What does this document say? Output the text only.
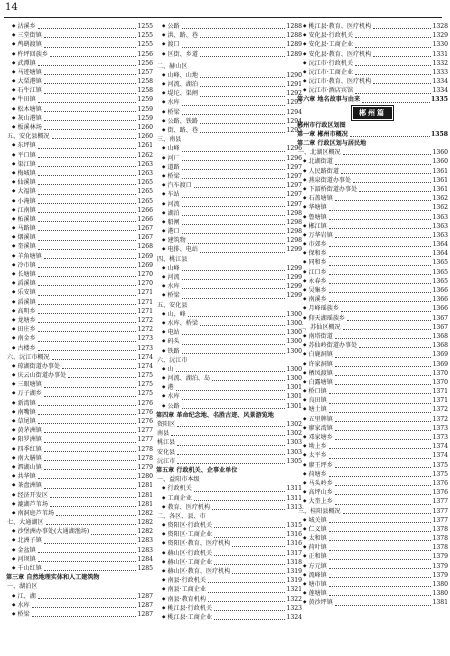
14
◆ 沾溪乡	1255
◆ 三堂街镇	1255
◆ 鸬鹚渡镇	1255
◆ 杵坪回族乡	1256
◆ 武潭镇	1256
◆ 马迹塘镇	1257
◆ 大栗港镇	1258
◆ 石牛江镇	1258
◆ 牛田镇	1259
◆ 松木塘镇	1259
◆ 灰山港镇	1259
◆ 板溪林场	1260
五、安化县概况	1260
◆ 东坪镇	1261
◆ 平口镇	1262
◆ 渠江镇	1263
◆ 梅城镇	1263
◆ 仙溪镇	1265
◆ 大福镇	1265
◆ 小淹镇	1265
◆ 江南镇	1266
◆ 柘溪镇	1266
◆ 马路镇	1267
◆ 烟溪镇	1267
◆ 奎溪镇	1268
◆ 羊角塘镇	1269
◆ 冷市镇	1269
◆ 长塘镇	1270
◆ 滔溪镇	1270
◆ 乐安镇	1271
◆ 滔溪镇	1271
◆ 高明乡	1271
◆ 龙塘乡	1272
◆ 田庄乡	1272
◆ 南金乡	1273
◆ 古楼乡	1273
六、沅江市概况	1274
◆ 琼湖街道办事处	1274
◆ 庆云山街道办事处	1275
◆ 三眼塘镇	1275
◆ 万子湖乡	1275
◆ 新湾镇	1276
◆ 南嘴镇	1276
◆ 草尾镇	1276
◆ 黄茅洲镇	1277
◆ 阳罗洲镇	1277
◆ 四季红镇	1278
◆ 南大膳镇	1278
◆ 泗湖山镇	1279
◆ 共华镇	1280
◆ 茶盘洲镇	1281
◆ 经济开发区	1281
◆ 漉湖芦苇场	1281
◆ 南洞庭芦苇场	1282
七、大通湖区	1282
◆ 沙堡洲办事处(大通湖渔场)	1282
◆ 北洲子镇	1283
◆ 金盆镇	1283
◆ 河坝镇	1284
◆ 千山红镇	1285
第三章 自然地理实体和人工建筑物
一、湖泊区
◆ 江、湖	1287
◆ 水库	1287
◆ 桥梁	1287
◆ 公路	1288
◆ 洪、路、巷	1288
◆ 渡口	1289
◆ 区街、乡道	1289
二、赫山区
◆ 山峰、山地	1290
◆ 河流、湖泊	1291
◆ 堤坨、渠闸	1292
◆ 水库	1293
◆ 桥梁	1294
◆ 公路、铁路	1294
◆ 街、路、巷	1295
三、南县
◆ 山峰	1296
◆ 河厂	1296
◆ 道路	1297
◆ 桥梁	1297
◆ 汽车渡口	1297
◆ 车站	1297
◆ 河流	1297
◆ 湖泊	1298
◆ 船闸	1298
◆ 港口	1298
◆ 建筑物	1298
◆ 电排、电站	1299
四、桃江县
◆ 山峰	1299
◆ 河流	1299
◆ 水库	1299
◆ 桥梁	1299
五、安化县
◆ 山、峰	1300
◆ 水库、桥梁	1300
◆ 电站	1300
◆ 码头	1300
◆ 铁路	1300
六、沅江市
◆ 山	1300
◆ 河流、湖泊、岛	1300
◆ 港	1301
◆ 水库	1301
◆ 公路	1301
第四章 革命纪念地、名胜古迹、风景游览地
资阳区	1302
南县	1302
桃江县	1303
安化县	1303
沅江市	1305
第五章 行政机关、企事业单位
一、益阳市本级
◆ 行政机关	1311
◆ 工商企业	1311
◆ 教育、医疗机构	1313
二、各区、县、市
◆ 资阳区·行政机关	1315
◆ 资阳区·工商企业	1316
◆ 资阳区·教育、医疗机构	1316
◆ 赫山区·行政机关	1317
◆ 赫山区·工商企业	1318
◆ 赫山区·教育、医疗机构	1319
◆ 南县·行政机关	1319
◆ 南县·工商企业	1321
◆ 南县·教育机构	1322
◆ 桃江县·行政机关	1323
◆ 桃江县·工商企业	1324
◆ 桃江县·教育、医疗机构	1328
◆ 安化县·行政机关	1329
◆ 安化县·工商企业	1330
◆ 安化县·教育、医疗机构	1331
◆ 沅江市·行政机关	1332
◆ 沅江市·工商企业	1333
◆ 沅江市·教育、医疗机构	1334
◆ 沅江市·酒店宾馆	1334
第六章 地名故事与由来	1335
郴州篇
郴州市行政区划图
第一章 郴州市概况	1358
第二章 行政区划与居民地
一、北湖区概况	1360
◆ 北湖街道	1360
◆ 人民路街道	1361
◆ 燕泉街道办事处	1361
◆ 下湄桥街道办事处	1361
◆ 石盖塘镇	1362
◆ 华塘镇	1362
◆ 鲁塘镇	1363
◆ 郴江镇	1363
◆ 万华岩镇	1363
◆ 市郊乡	1364
◆ 保和乡	1364
◆ 同和乡	1365
◆ 江口乡	1365
◆ 永春乡	1365
◆ 吴集乡	1366
◆ 南溪乡	1366
◆ 月峰瑶族乡	1366
◆ 仰天湖瑶族乡	1367
二、苏仙区概况	1367
◆ 南塔街道	1368
◆ 苏仙岭街道办事处	1368
◆ 白鹿洞镇	1369
◆ 许家洞镇	1369
◆ 栖凤渡镇	1370
◆ 白露塘镇	1370
◆ 桥口镇	1371
◆ 良田镇	1371
◆ 塘土镇	1372
◆ 五里牌镇	1372
◆ 廖家湾镇	1373
◆ 邓家塘乡	1373
◆ 坳上乡	1374
◆ 太平乡	1374
◆ 廖王坪乡	1375
◆ 荷塘乡	1375
◆ 马头岭乡	1376
◆ 高坪山乡	1376
◆ 大奎上乡	1377
三、桂阳县概况	1377
◆ 城关镇	1377
◆ 仁义镇	1378
◆ 太和镇	1378
◆ 荷叶镇	1378
◆ 正和镇	1379
◆ 方元镇	1379
◆ 流峰镇	1379
◆ 塘市镇	1380
◆ 莲塘镇	1380
◆ 黄沙坪镇	1381
